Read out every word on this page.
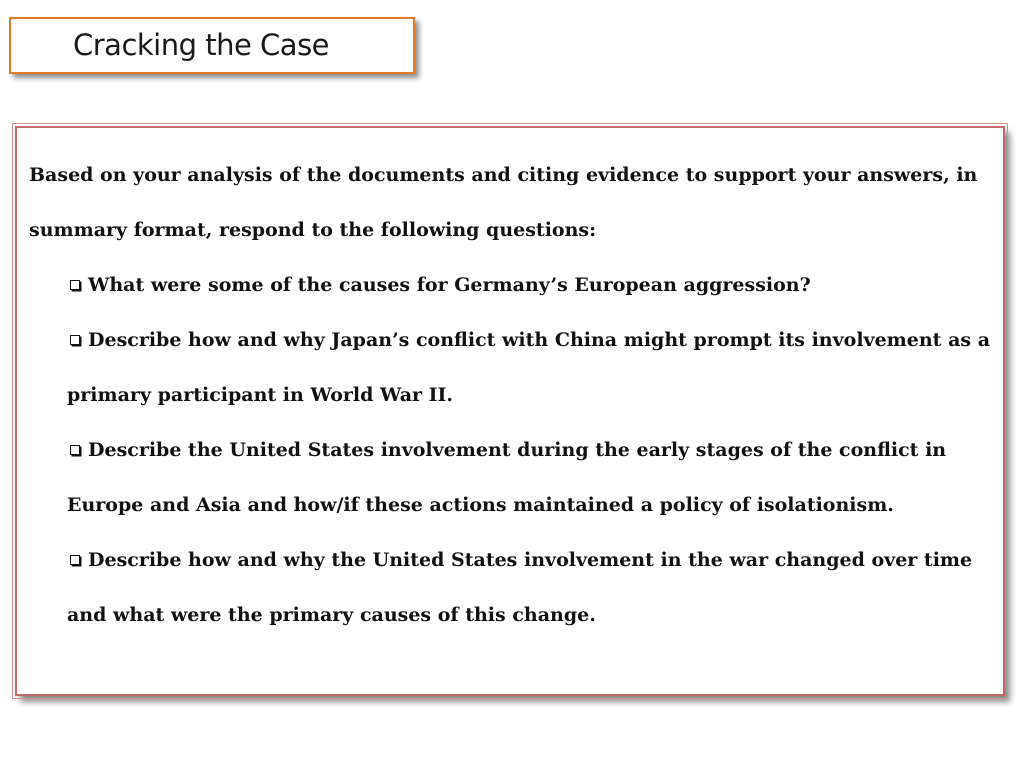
Cracking the Case

Based on your analysis of the documents and citing evidence to support your answers, in summary format, respond to the following questions:

What were some of the causes for Germany’s European aggression?
Describe how and why Japan’s conflict with China might prompt its involvement as a primary participant in World War II.
Describe the United States involvement during the early stages of the conflict in Europe and Asia and how/if these actions maintained a policy of isolationism.
Describe how and why the United States involvement in the war changed over time and what were the primary causes of this change.
